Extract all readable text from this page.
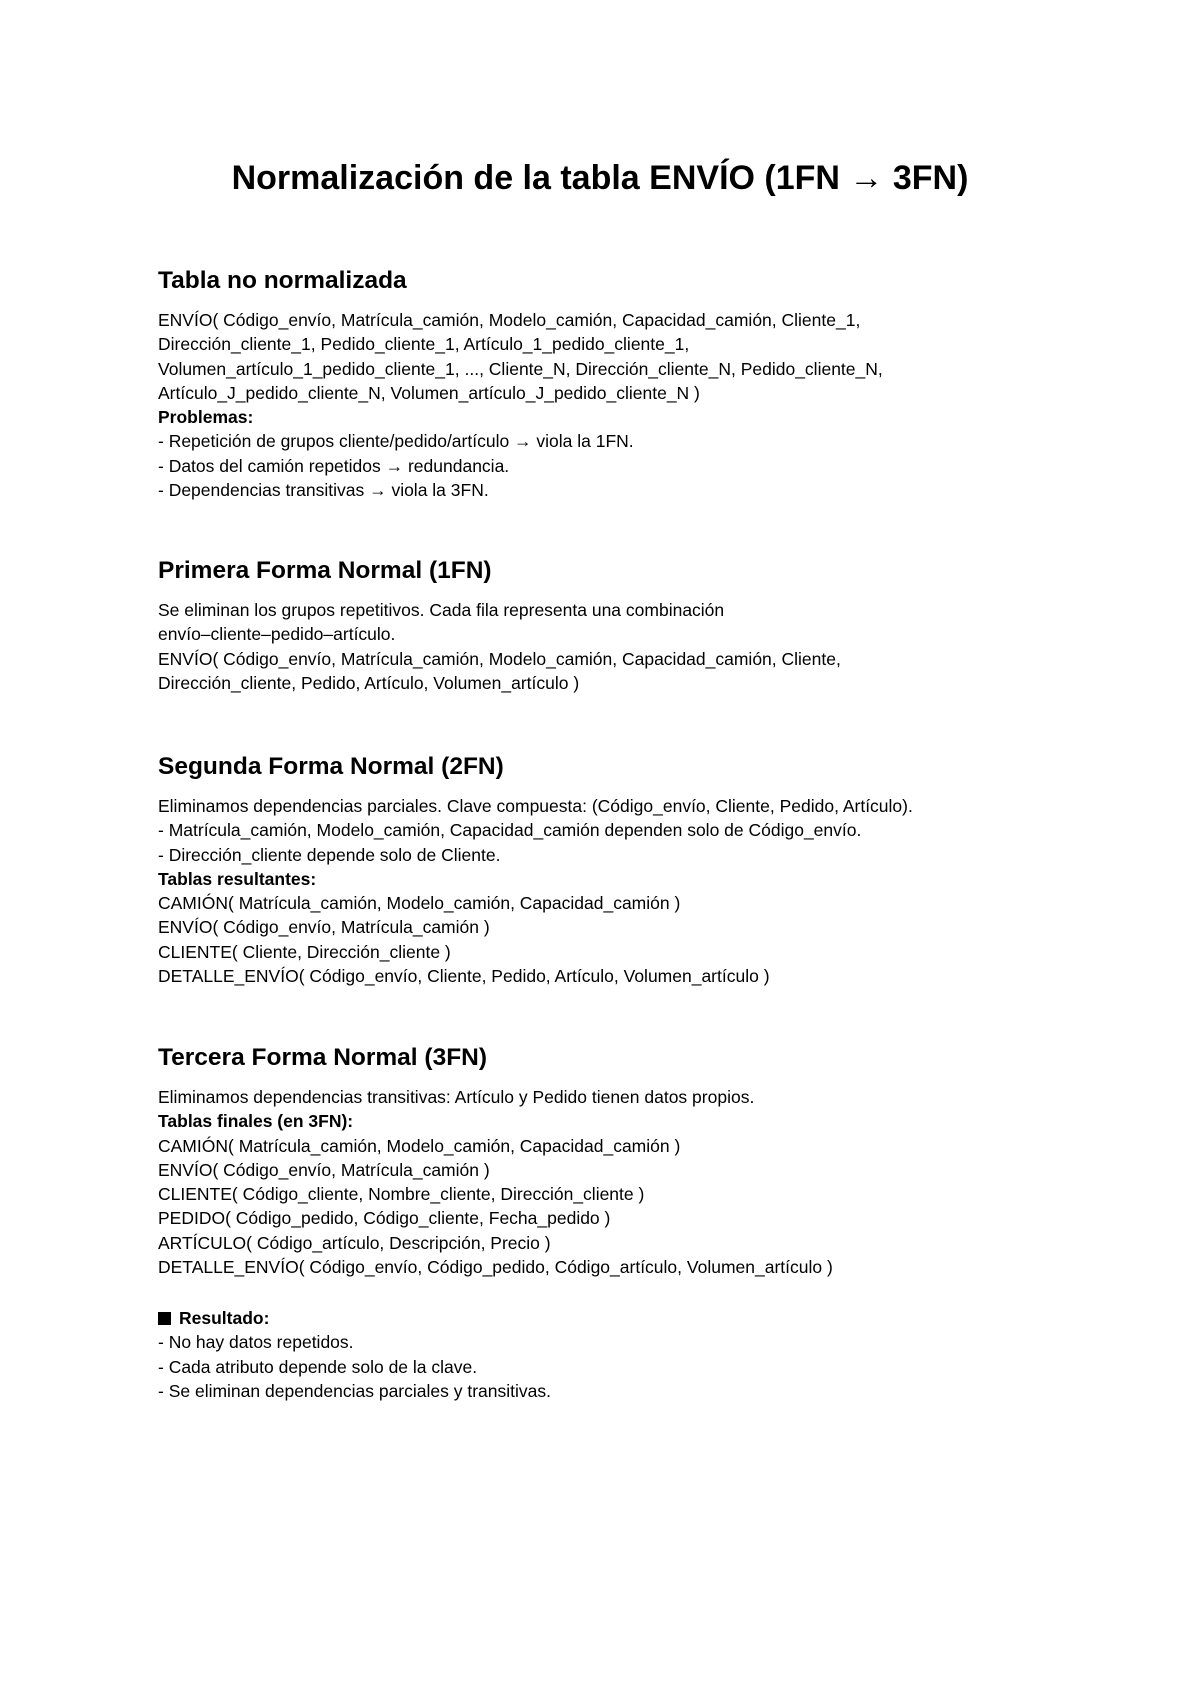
Normalización de la tabla ENVÍO (1FN → 3FN)
Tabla no normalizada
ENVÍO( Código_envío, Matrícula_camión, Modelo_camión, Capacidad_camión, Cliente_1,
Dirección_cliente_1, Pedido_cliente_1, Artículo_1_pedido_cliente_1,
Volumen_artículo_1_pedido_cliente_1, ..., Cliente_N, Dirección_cliente_N, Pedido_cliente_N,
Artículo_J_pedido_cliente_N, Volumen_artículo_J_pedido_cliente_N )
Problemas:
- Repetición de grupos cliente/pedido/artículo → viola la 1FN.
- Datos del camión repetidos → redundancia.
- Dependencias transitivas → viola la 3FN.
Primera Forma Normal (1FN)
Se eliminan los grupos repetitivos. Cada fila representa una combinación
envío–cliente–pedido–artículo.
ENVÍO( Código_envío, Matrícula_camión, Modelo_camión, Capacidad_camión, Cliente,
Dirección_cliente, Pedido, Artículo, Volumen_artículo )
Segunda Forma Normal (2FN)
Eliminamos dependencias parciales. Clave compuesta: (Código_envío, Cliente, Pedido, Artículo).
- Matrícula_camión, Modelo_camión, Capacidad_camión dependen solo de Código_envío.
- Dirección_cliente depende solo de Cliente.
Tablas resultantes:
CAMIÓN( Matrícula_camión, Modelo_camión, Capacidad_camión )
ENVÍO( Código_envío, Matrícula_camión )
CLIENTE( Cliente, Dirección_cliente )
DETALLE_ENVÍO( Código_envío, Cliente, Pedido, Artículo, Volumen_artículo )
Tercera Forma Normal (3FN)
Eliminamos dependencias transitivas: Artículo y Pedido tienen datos propios.
Tablas finales (en 3FN):
CAMIÓN( Matrícula_camión, Modelo_camión, Capacidad_camión )
ENVÍO( Código_envío, Matrícula_camión )
CLIENTE( Código_cliente, Nombre_cliente, Dirección_cliente )
PEDIDO( Código_pedido, Código_cliente, Fecha_pedido )
ARTÍCULO( Código_artículo, Descripción, Precio )
DETALLE_ENVÍO( Código_envío, Código_pedido, Código_artículo, Volumen_artículo )
Resultado:
- No hay datos repetidos.
- Cada atributo depende solo de la clave.
- Se eliminan dependencias parciales y transitivas.
